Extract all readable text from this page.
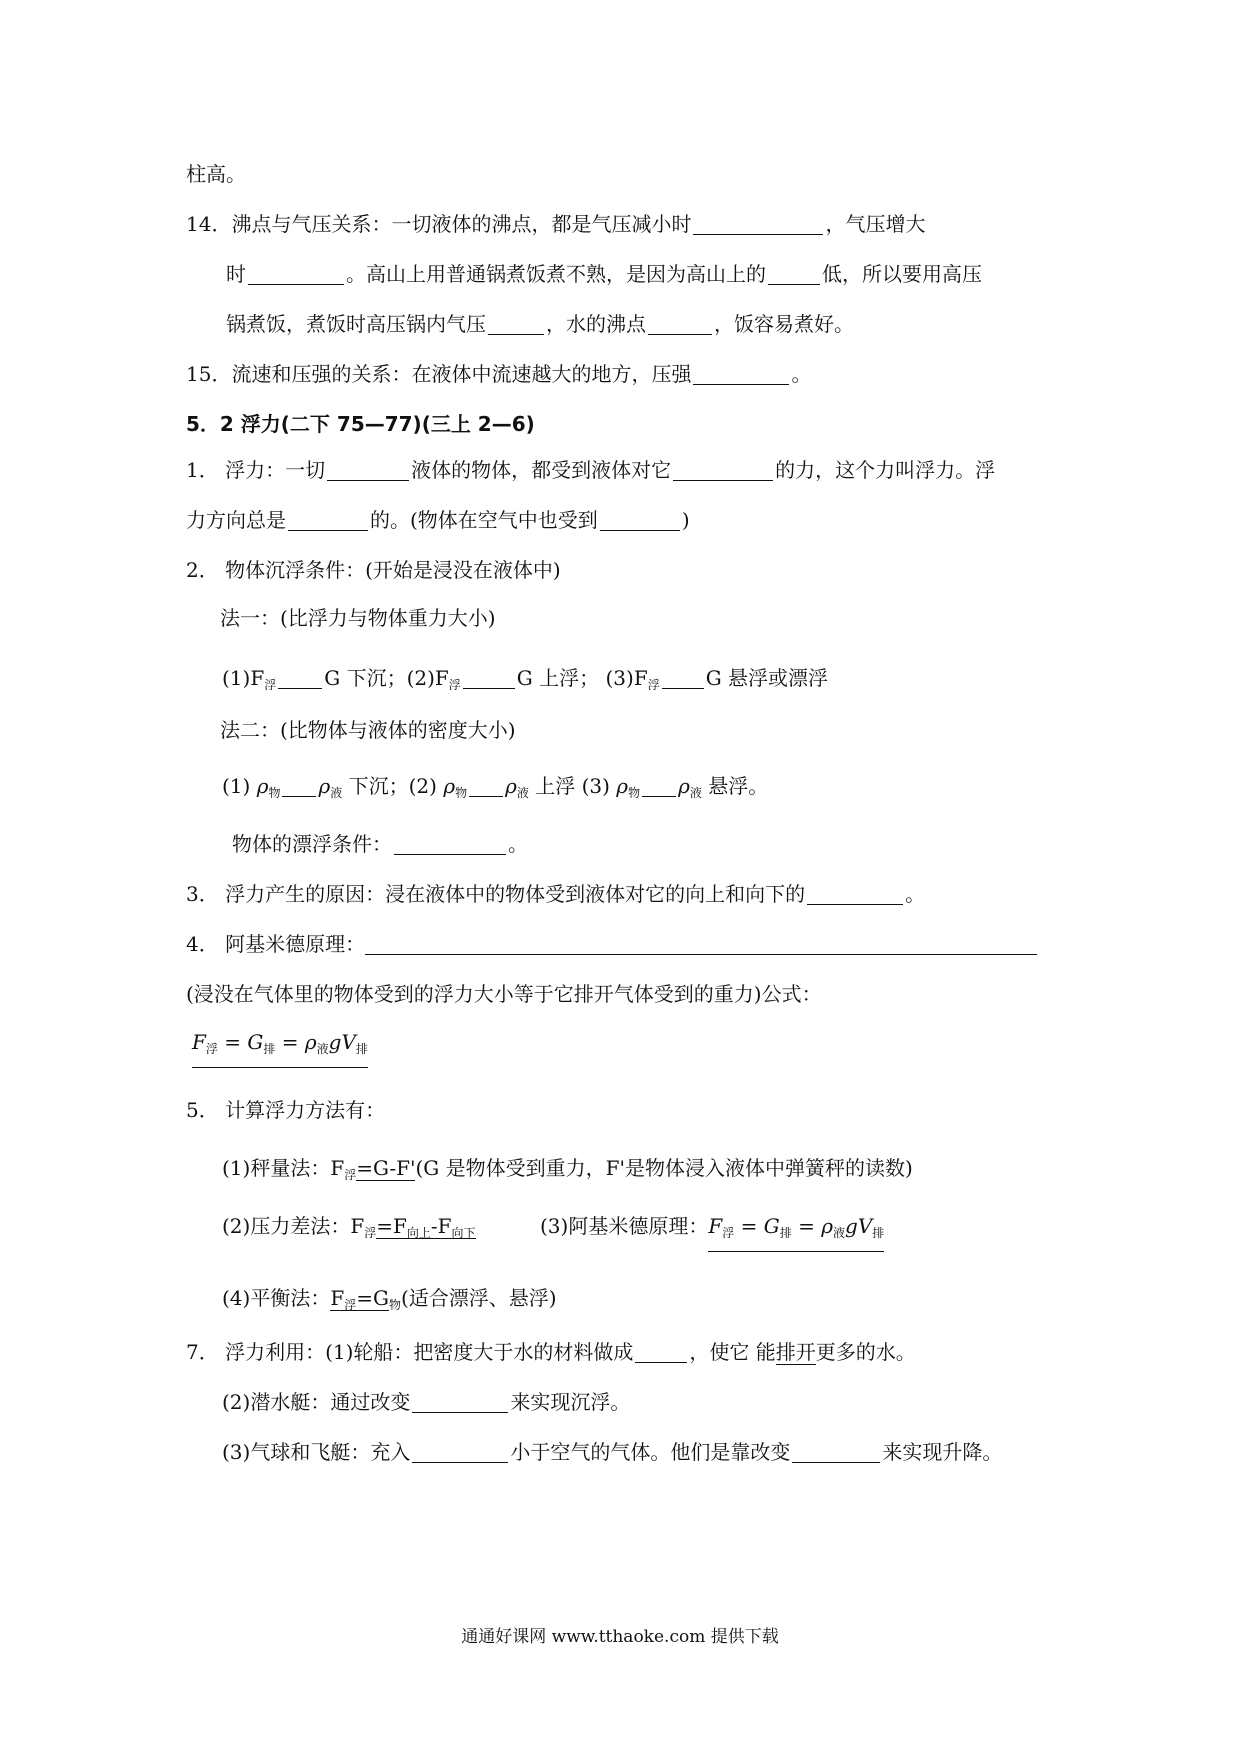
柱高。
14．沸点与气压关系：一切液体的沸点，都是气压减小时	，气压增大
时	。高山上用普通锅煮饭煮不熟，是因为高山上的	低，所以要用高压
锅煮饭，煮饭时高压锅内气压	，水的沸点	，饭容易煮好。
15．流速和压强的关系：在液体中流速越大的地方，压强	。
5．2 浮力(二下 75—77)(三上 2—6)
1． 浮力：一切	液体的物体，都受到液体对它	的力，这个力叫浮力。浮
力方向总是	的。(物体在空气中也受到	)
2． 物体沉浮条件：(开始是浸没在液体中)
法一：(比浮力与物体重力大小)
$(1)F_浮$ G 下沉；$(2)F_浮$	G 上浮； $(3)F_浮$ G 悬浮或漂浮
法二：(比物体与液体的密度大小)
(1) $\rho_物$ $\rho_液$ 下沉；(2) $\rho_物$ $\rho_液$ 上浮 (3) $\rho_物$ $\rho_液$ 悬浮。
物体的漂浮条件：	。
3． 浮力产生的原因：浸在液体中的物体受到液体对它的向上和向下的	。
4． 阿基米德原理：
(浸没在气体里的物体受到的浮力大小等于它排开气体受到的重力)公式：
$F_浮 = G_排 = \rho_液gV_排$
5． 计算浮力方法有：
(1)秤量法：$F_浮=G-F'(G$ 是物体受到重力，F'是物体浸入液体中弹簧秤的读数)
(2)压力差法：$F_浮=F_{向上}-F_{向下}$	(3)阿基米德原理：$F_浮 = G_排 = \rho_液gV_排$
(4)平衡法：$F_浮=G_物$(适合漂浮、悬浮)
7． 浮力利用：(1)轮船：把密度大于水的材料做成	，使它 能排开更多的水。
(2)潜水艇：通过改变	来实现沉浮。
(3)气球和飞艇：充入	小于空气的气体。他们是靠改变	来实现升降。
通通好课网 www.tthaoke.com 提供下载
